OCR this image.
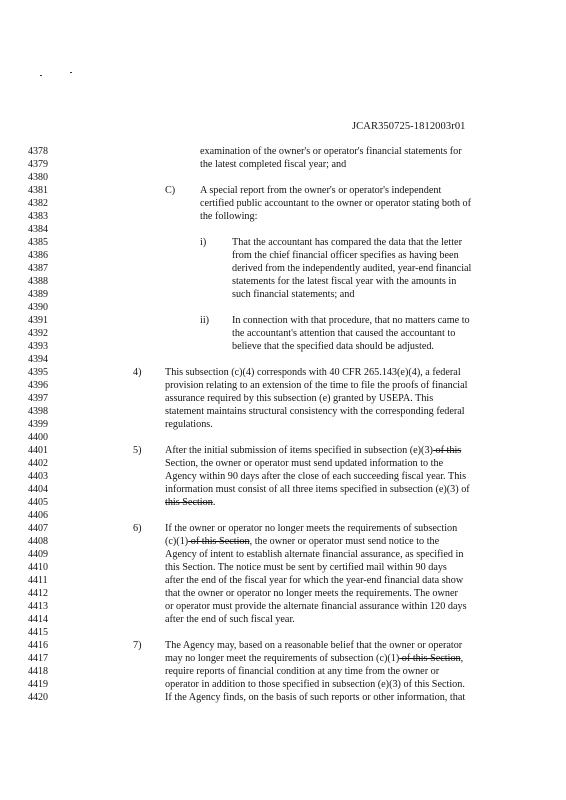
JCAR350725-1812003r01
4378	examination of the owner's or operator's financial statements for
4379	the latest completed fiscal year; and
4380
4381	C) A special report from the owner's or operator's independent
4382	certified public accountant to the owner or operator stating both of
4383	the following:
4384
4385	i)	That the accountant has compared the data that the letter
4386	from the chief financial officer specifies as having been
4387	derived from the independently audited, year-end financial
4388	statements for the latest fiscal year with the amounts in
4389	such financial statements; and
4390
4391	ii) In connection with that procedure, that no matters came to
4392	the accountant's attention that caused the accountant to
4393	believe that the specified data should be adjusted.
4394
4395	4) This subsection (c)(4) corresponds with 40 CFR 265.143(e)(4), a federal
4396	provision relating to an extension of the time to file the proofs of financial
4397	assurance required by this subsection (e) granted by USEPA. This
4398	statement maintains structural consistency with the corresponding federal
4399	regulations.
4400
4401	5) After the initial submission of items specified in subsection (e)(3) of this
4402	Section, the owner or operator must send updated information to the
4403	Agency within 90 days after the close of each succeeding fiscal year. This
4404	information must consist of all three items specified in subsection (e)(3) of
4405	this Section.
4406
4407	6) If the owner or operator no longer meets the requirements of subsection
4408	(c)(1) of this Section, the owner or operator must send notice to the
4409	Agency of intent to establish alternate financial assurance, as specified in
4410	this Section. The notice must be sent by certified mail within 90 days
4411	after the end of the fiscal year for which the year-end financial data show
4412	that the owner or operator no longer meets the requirements. The owner
4413	or operator must provide the alternate financial assurance within 120 days
4414	after the end of such fiscal year.
4415
4416	7) The Agency may, based on a reasonable belief that the owner or operator
4417	may no longer meet the requirements of subsection (c)(1) of this Section,
4418	require reports of financial condition at any time from the owner or
4419	operator in addition to those specified in subsection (e)(3) of this Section.
4420	If the Agency finds, on the basis of such reports or other information, that
